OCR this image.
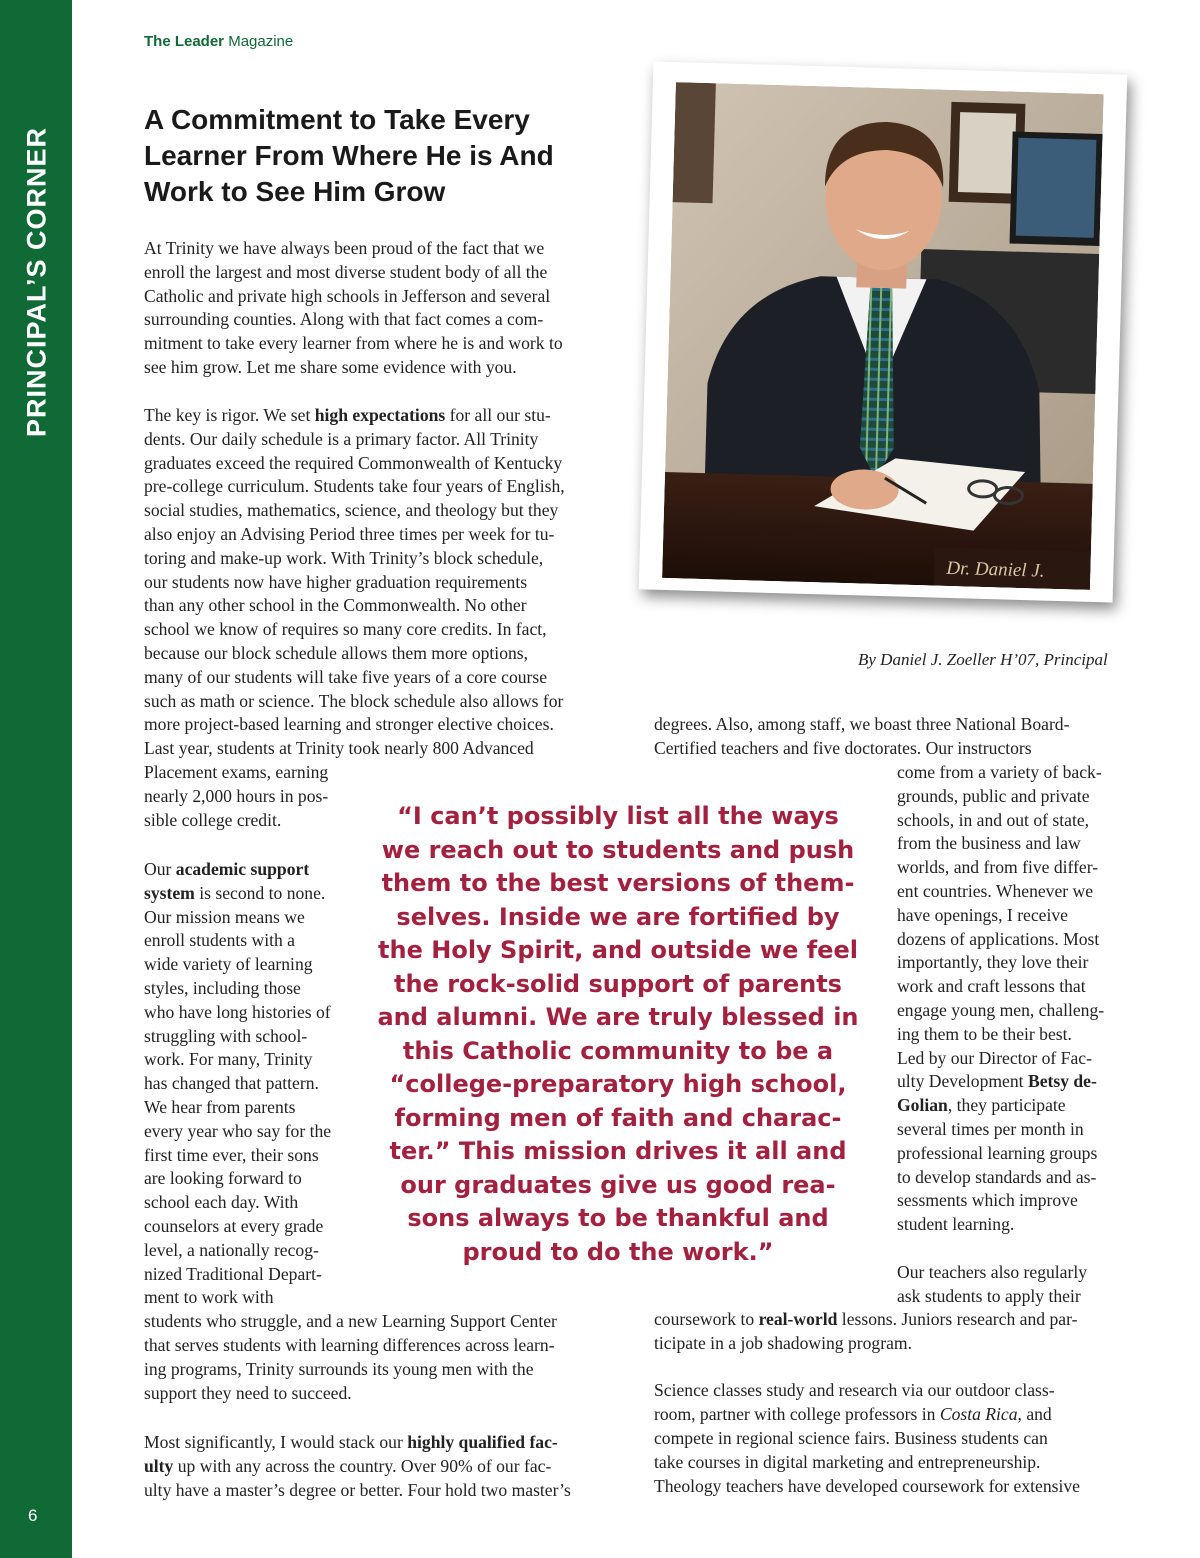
PRINCIPAL’S CORNER
6
The Leader Magazine
A Commitment to Take Every
Learner From Where He is And
Work to See Him Grow
At Trinity we have always been proud of the fact that we
enroll the largest and most diverse student body of all the
Catholic and private high schools in Jefferson and several
surrounding counties. Along with that fact comes a com-
mitment to take every learner from where he is and work to
see him grow. Let me share some evidence with you.
The key is rigor. We set high expectations for all our stu-
dents. Our daily schedule is a primary factor. All Trinity
graduates exceed the required Commonwealth of Kentucky
pre-college curriculum. Students take four years of English,
social studies, mathematics, science, and theology but they
also enjoy an Advising Period three times per week for tu-
toring and make-up work. With Trinity’s block schedule,
our students now have higher graduation requirements
than any other school in the Commonwealth. No other
school we know of requires so many core credits. In fact,
because our block schedule allows them more options,
many of our students will take five years of a core course
such as math or science. The block schedule also allows for
more project-based learning and stronger elective choices.
Last year, students at Trinity took nearly 800 Advanced
Placement exams, earning
nearly 2,000 hours in pos-
sible college credit.
Our academic support
system is second to none.
Our mission means we
enroll students with a
wide variety of learning
styles, including those
who have long histories of
struggling with school-
work. For many, Trinity
has changed that pattern.
We hear from parents
every year who say for the
first time ever, their sons
are looking forward to
school each day. With
counselors at every grade
level, a nationally recog-
nized Traditional Depart-
ment to work with
students who struggle, and a new Learning Support Center
that serves students with learning differences across learn-
ing programs, Trinity surrounds its young men with the
support they need to succeed.
Most significantly, I would stack our highly qualified fac-
ulty up with any across the country. Over 90% of our fac-
ulty have a master’s degree or better. Four hold two master’s
Dr. Daniel J.
By Daniel J. Zoeller H’07, Principal
degrees. Also, among staff, we boast three National Board-
Certified teachers and five doctorates. Our instructors
come from a variety of back-
grounds, public and private
schools, in and out of state,
from the business and law
worlds, and from five differ-
ent countries. Whenever we
have openings, I receive
dozens of applications. Most
importantly, they love their
work and craft lessons that
engage young men, challeng-
ing them to be their best.
Led by our Director of Fac-
ulty Development Betsy de-
Golian, they participate
several times per month in
professional learning groups
to develop standards and as-
sessments which improve
student learning.

Our teachers also regularly
ask students to apply their
coursework to real-world lessons. Juniors research and par-
ticipate in a job shadowing program.

Science classes study and research via our outdoor class-
room, partner with college professors in Costa Rica, and
compete in regional science fairs. Business students can
take courses in digital marketing and entrepreneurship.
Theology teachers have developed coursework for extensive
“I can’t possibly list all the ways
we reach out to students and push
them to the best versions of them-
selves. Inside we are fortified by
the Holy Spirit, and outside we feel
the rock-solid support of parents
and alumni. We are truly blessed in
this Catholic community to be a
“college-preparatory high school,
forming men of faith and charac-
ter.” This mission drives it all and
our graduates give us good rea-
sons always to be thankful and
proud to do the work.”
